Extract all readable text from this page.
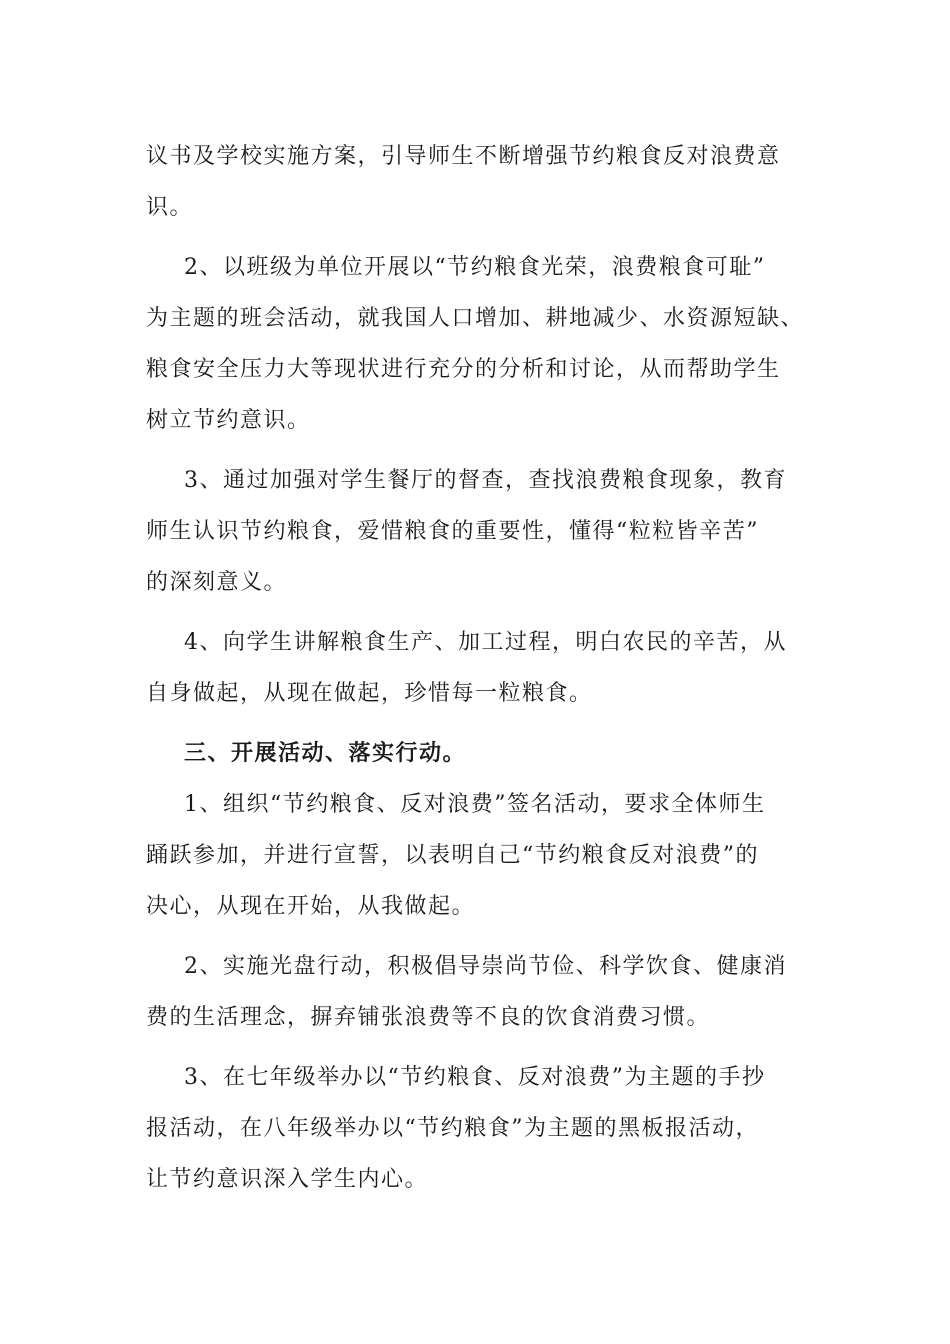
议书及学校实施方案，引导师生不断增强节约粮食反对浪费意
识。

2、以班级为单位开展以“节约粮食光荣，浪费粮食可耻”
为主题的班会活动，就我国人口增加、耕地减少、水资源短缺、
粮食安全压力大等现状进行充分的分析和讨论，从而帮助学生
树立节约意识。

3、通过加强对学生餐厅的督查，查找浪费粮食现象，教育
师生认识节约粮食，爱惜粮食的重要性，懂得“粒粒皆辛苦”
的深刻意义。

4、向学生讲解粮食生产、加工过程，明白农民的辛苦，从
自身做起，从现在做起，珍惜每一粒粮食。

三、开展活动、落实行动。

1、组织“节约粮食、反对浪费”签名活动，要求全体师生
踊跃参加，并进行宣誓，以表明自己“节约粮食反对浪费”的
决心，从现在开始，从我做起。

2、实施光盘行动，积极倡导崇尚节俭、科学饮食、健康消
费的生活理念，摒弃铺张浪费等不良的饮食消费习惯。

3、在七年级举办以“节约粮食、反对浪费”为主题的手抄
报活动，在八年级举办以“节约粮食”为主题的黑板报活动，
让节约意识深入学生内心。
